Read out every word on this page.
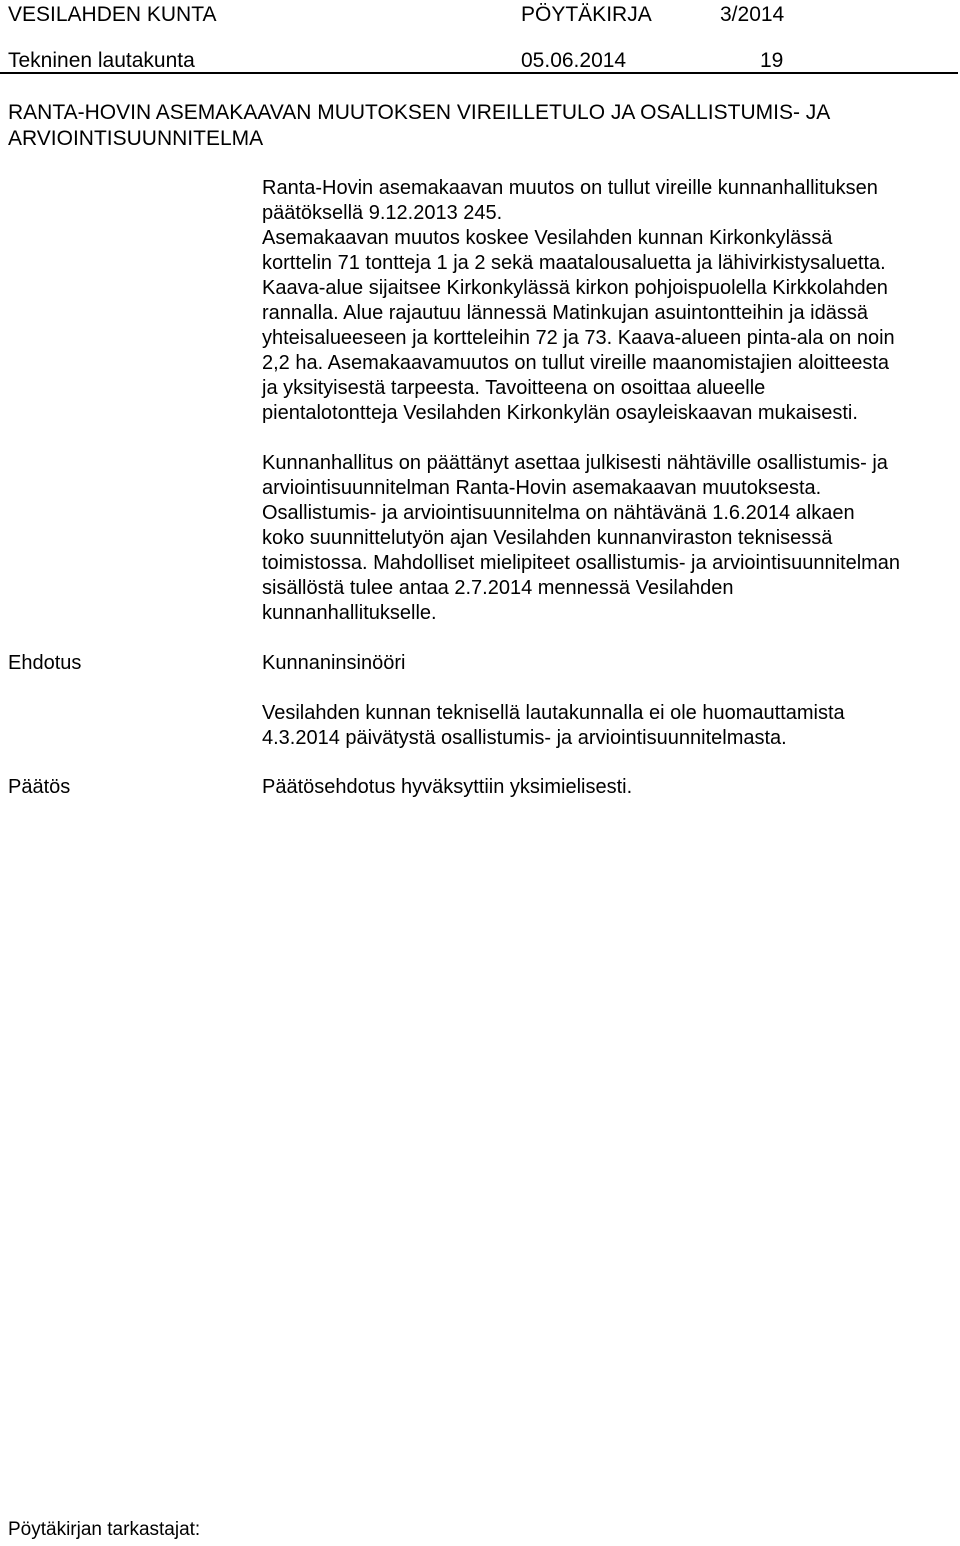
VESILAHDEN KUNTA	PÖYTÄKIRJA	3/2014
Tekninen lautakunta	05.06.2014	19
RANTA-HOVIN ASEMAKAAVAN MUUTOKSEN VIREILLETULO JA OSALLISTUMIS- JA
ARVIOINTISUUNNITELMA
Ranta-Hovin asemakaavan muutos on tullut vireille kunnanhallituksen
päätöksellä 9.12.2013 245.
Asemakaavan muutos koskee Vesilahden kunnan Kirkonkylässä
korttelin 71 tontteja 1 ja 2 sekä maatalousaluetta ja lähivirkistysaluetta.
Kaava-alue sijaitsee Kirkonkylässä kirkon pohjoispuolella Kirkkolahden
rannalla. Alue rajautuu lännessä Matinkujan asuintontteihin ja idässä
yhteisalueeseen ja kortteleihin 72 ja 73. Kaava-alueen pinta-ala on noin
2,2 ha. Asemakaavamuutos on tullut vireille maanomistajien aloitteesta
ja yksityisestä tarpeesta. Tavoitteena on osoittaa alueelle
pientalotontteja Vesilahden Kirkonkylän osayleiskaavan mukaisesti.
Kunnanhallitus on päättänyt asettaa julkisesti nähtäville osallistumis- ja
arviointisuunnitelman Ranta-Hovin asemakaavan muutoksesta.
Osallistumis- ja arviointisuunnitelma on nähtävänä 1.6.2014 alkaen
koko suunnittelutyön ajan Vesilahden kunnanviraston teknisessä
toimistossa. Mahdolliset mielipiteet osallistumis- ja arviointisuunnitelman
sisällöstä tulee antaa 2.7.2014 mennessä Vesilahden
kunnanhallitukselle.
Ehdotus	Kunnaninsinööri
Vesilahden kunnan teknisellä lautakunnalla ei ole huomauttamista
4.3.2014 päivätystä osallistumis- ja arviointisuunnitelmasta.
Päätös	Päätösehdotus hyväksyttiin yksimielisesti.
Pöytäkirjan tarkastajat:
